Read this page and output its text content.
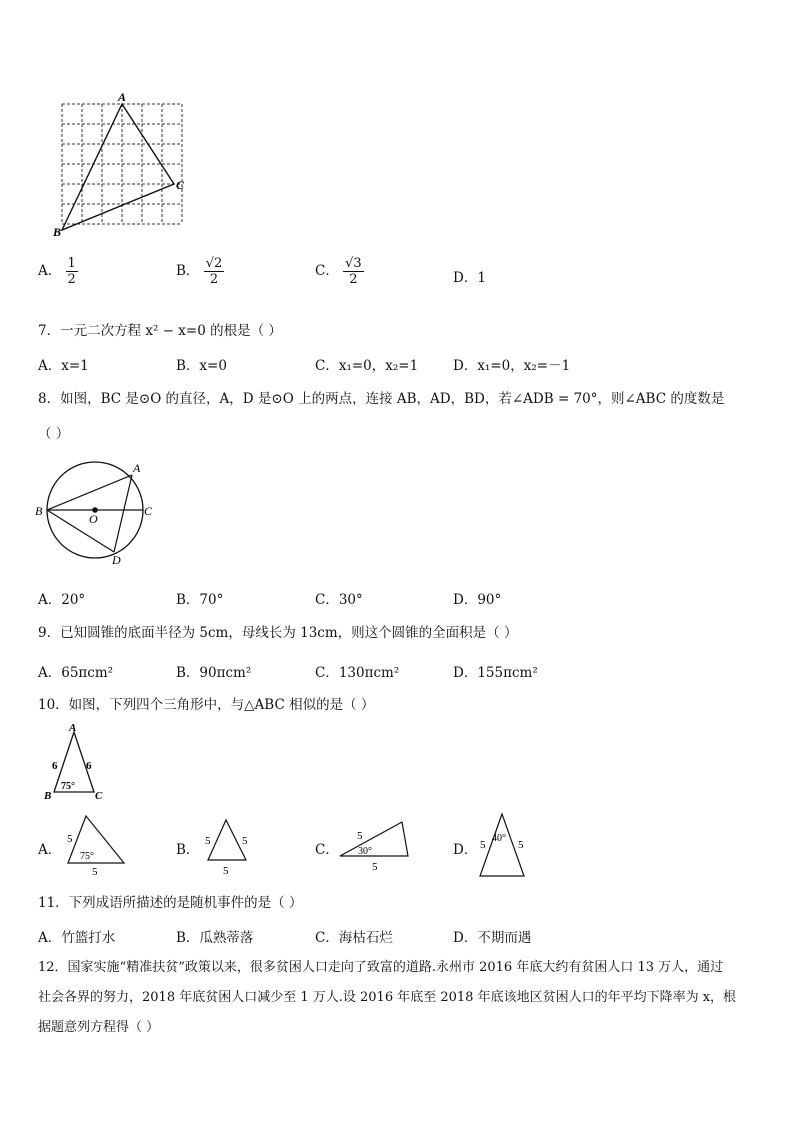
A
B
C
A． $\frac{1}{2}$	B． $\frac{√2}{2}$	C． $\frac{√3}{2}$	D．1
7．一元二次方程 x² − x=0 的根是（ ）
A．x=1	B．x=0	C．x₁=0，x₂=1	D．x₁=0，x₂=－1
8．如图，BC 是⊙O 的直径，A，D 是⊙O 上的两点，连接 AB，AD，BD，若∠ADB = 70°，则∠ABC 的度数是
（ ）
A
B	C
D
O
A．20°	B．70°	C．30°	D．90°
9．已知圆锥的底面半径为 5cm，母线长为 13cm，则这个圆锥的全面积是（ ）
A．65πcm²	B．90πcm²	C．130πcm²	D．155πcm²
10．如图，下列四个三角形中，与△ABC 相似的是（ ）
A
B	C
6	6
75°
A．
5
5
75°	B．
5	5
5
C．
5
5
30°	D． 5	5
40°
11．下列成语所描述的是随机事件的是（ ）
A．竹篮打水	B．瓜熟蒂落	C．海枯石烂	D．不期而遇
12．国家实施“精准扶贫”政策以来，很多贫困人口走向了致富的道路.永州市 2016 年底大约有贫困人口 13 万人，通过
社会各界的努力，2018 年底贫困人口减少至 1 万人.设 2016 年底至 2018 年底该地区贫困人口的年平均下降率为 x，根
据题意列方程得（ ）
